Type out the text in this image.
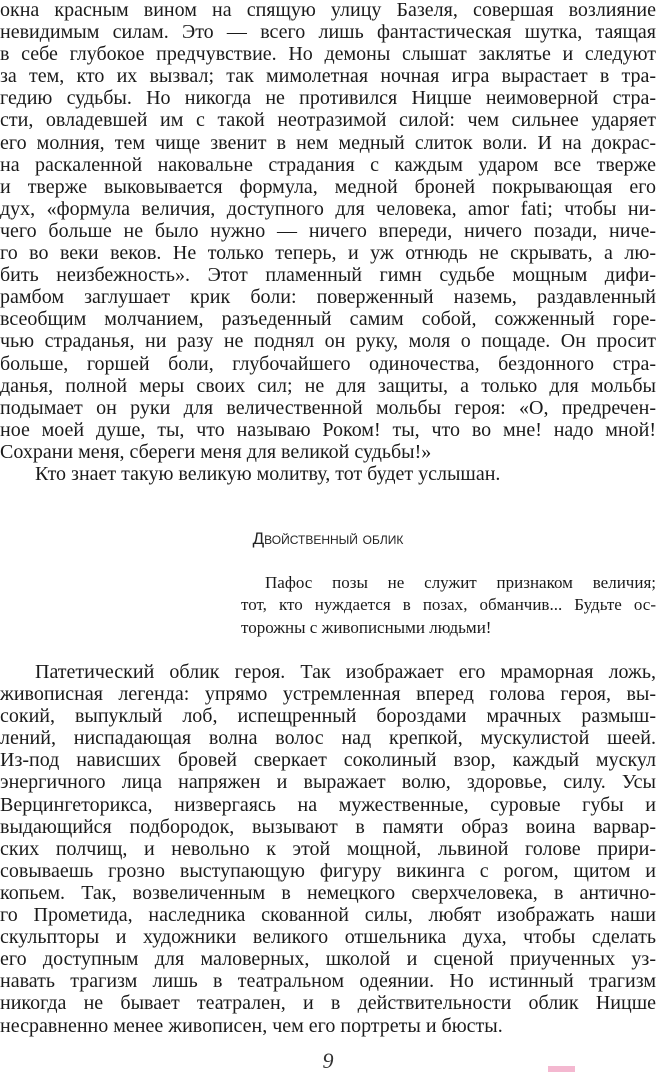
окна красным вином на спящую улицу Базеля, совершая возлияние
невидимым силам. Это — всего лишь фантастическая шутка, таящая
в себе глубокое предчувствие. Но демоны слышат заклятье и следуют
за тем, кто их вызвал; так мимолетная ночная игра вырастает в тра-
гедию судьбы. Но никогда не противился Ницше неимоверной стра-
сти, овладевшей им с такой неотразимой силой: чем сильнее ударяет
его молния, тем чище звенит в нем медный слиток воли. И на докрас-
на раскаленной наковальне страдания с каждым ударом все тверже
и тверже выковывается формула, медной броней покрывающая его
дух, «формула величия, доступного для человека, amor fati; чтобы ни-
чего больше не было нужно — ничего впереди, ничего позади, ниче-
го во веки веков. Не только теперь, и уж отнюдь не скрывать, а лю-
бить неизбежность». Этот пламенный гимн судьбе мощным дифи-
рамбом заглушает крик боли: поверженный наземь, раздавленный
всеобщим молчанием, разъеденный самим собой, сожженный горе-
чью страданья, ни разу не поднял он руку, моля о пощаде. Он просит
больше, горшей боли, глубочайшего одиночества, бездонного стра-
данья, полной меры своих сил; не для защиты, а только для мольбы
подымает он руки для величественной мольбы героя: «О, предречен-
ное моей душе, ты, что называю Роком! ты, что во мне! надо мной!
Сохрани меня, сбереги меня для великой судьбы!»
Кто знает такую великую молитву, тот будет услышан.
Двойственный облик
Пафос позы не служит признаком величия;
тот, кто нуждается в позах, обманчив... Будьте ос-
торожны с живописными людьми!
Патетический облик героя. Так изображает его мраморная ложь,
живописная легенда: упрямо устремленная вперед голова героя, вы-
сокий, выпуклый лоб, испещренный бороздами мрачных размыш-
лений, ниспадающая волна волос над крепкой, мускулистой шеей.
Из-под нависших бровей сверкает соколиный взор, каждый мускул
энергичного лица напряжен и выражает волю, здоровье, силу. Усы
Верцингеторикса, низвергаясь на мужественные, суровые губы и
выдающийся подбородок, вызывают в памяти образ воина варвар-
ских полчищ, и невольно к этой мощной, львиной голове прири-
совываешь грозно выступающую фигуру викинга с рогом, щитом и
копьем. Так, возвеличенным в немецкого сверхчеловека, в антично-
го Прометида, наследника скованной силы, любят изображать наши
скульпторы и художники великого отшельника духа, чтобы сделать
его доступным для маловерных, школой и сценой приученных уз-
навать трагизм лишь в театральном одеянии. Но истинный трагизм
никогда не бывает театрален, и в действительности облик Ницше
несравненно менее живописен, чем его портреты и бюсты.
9
